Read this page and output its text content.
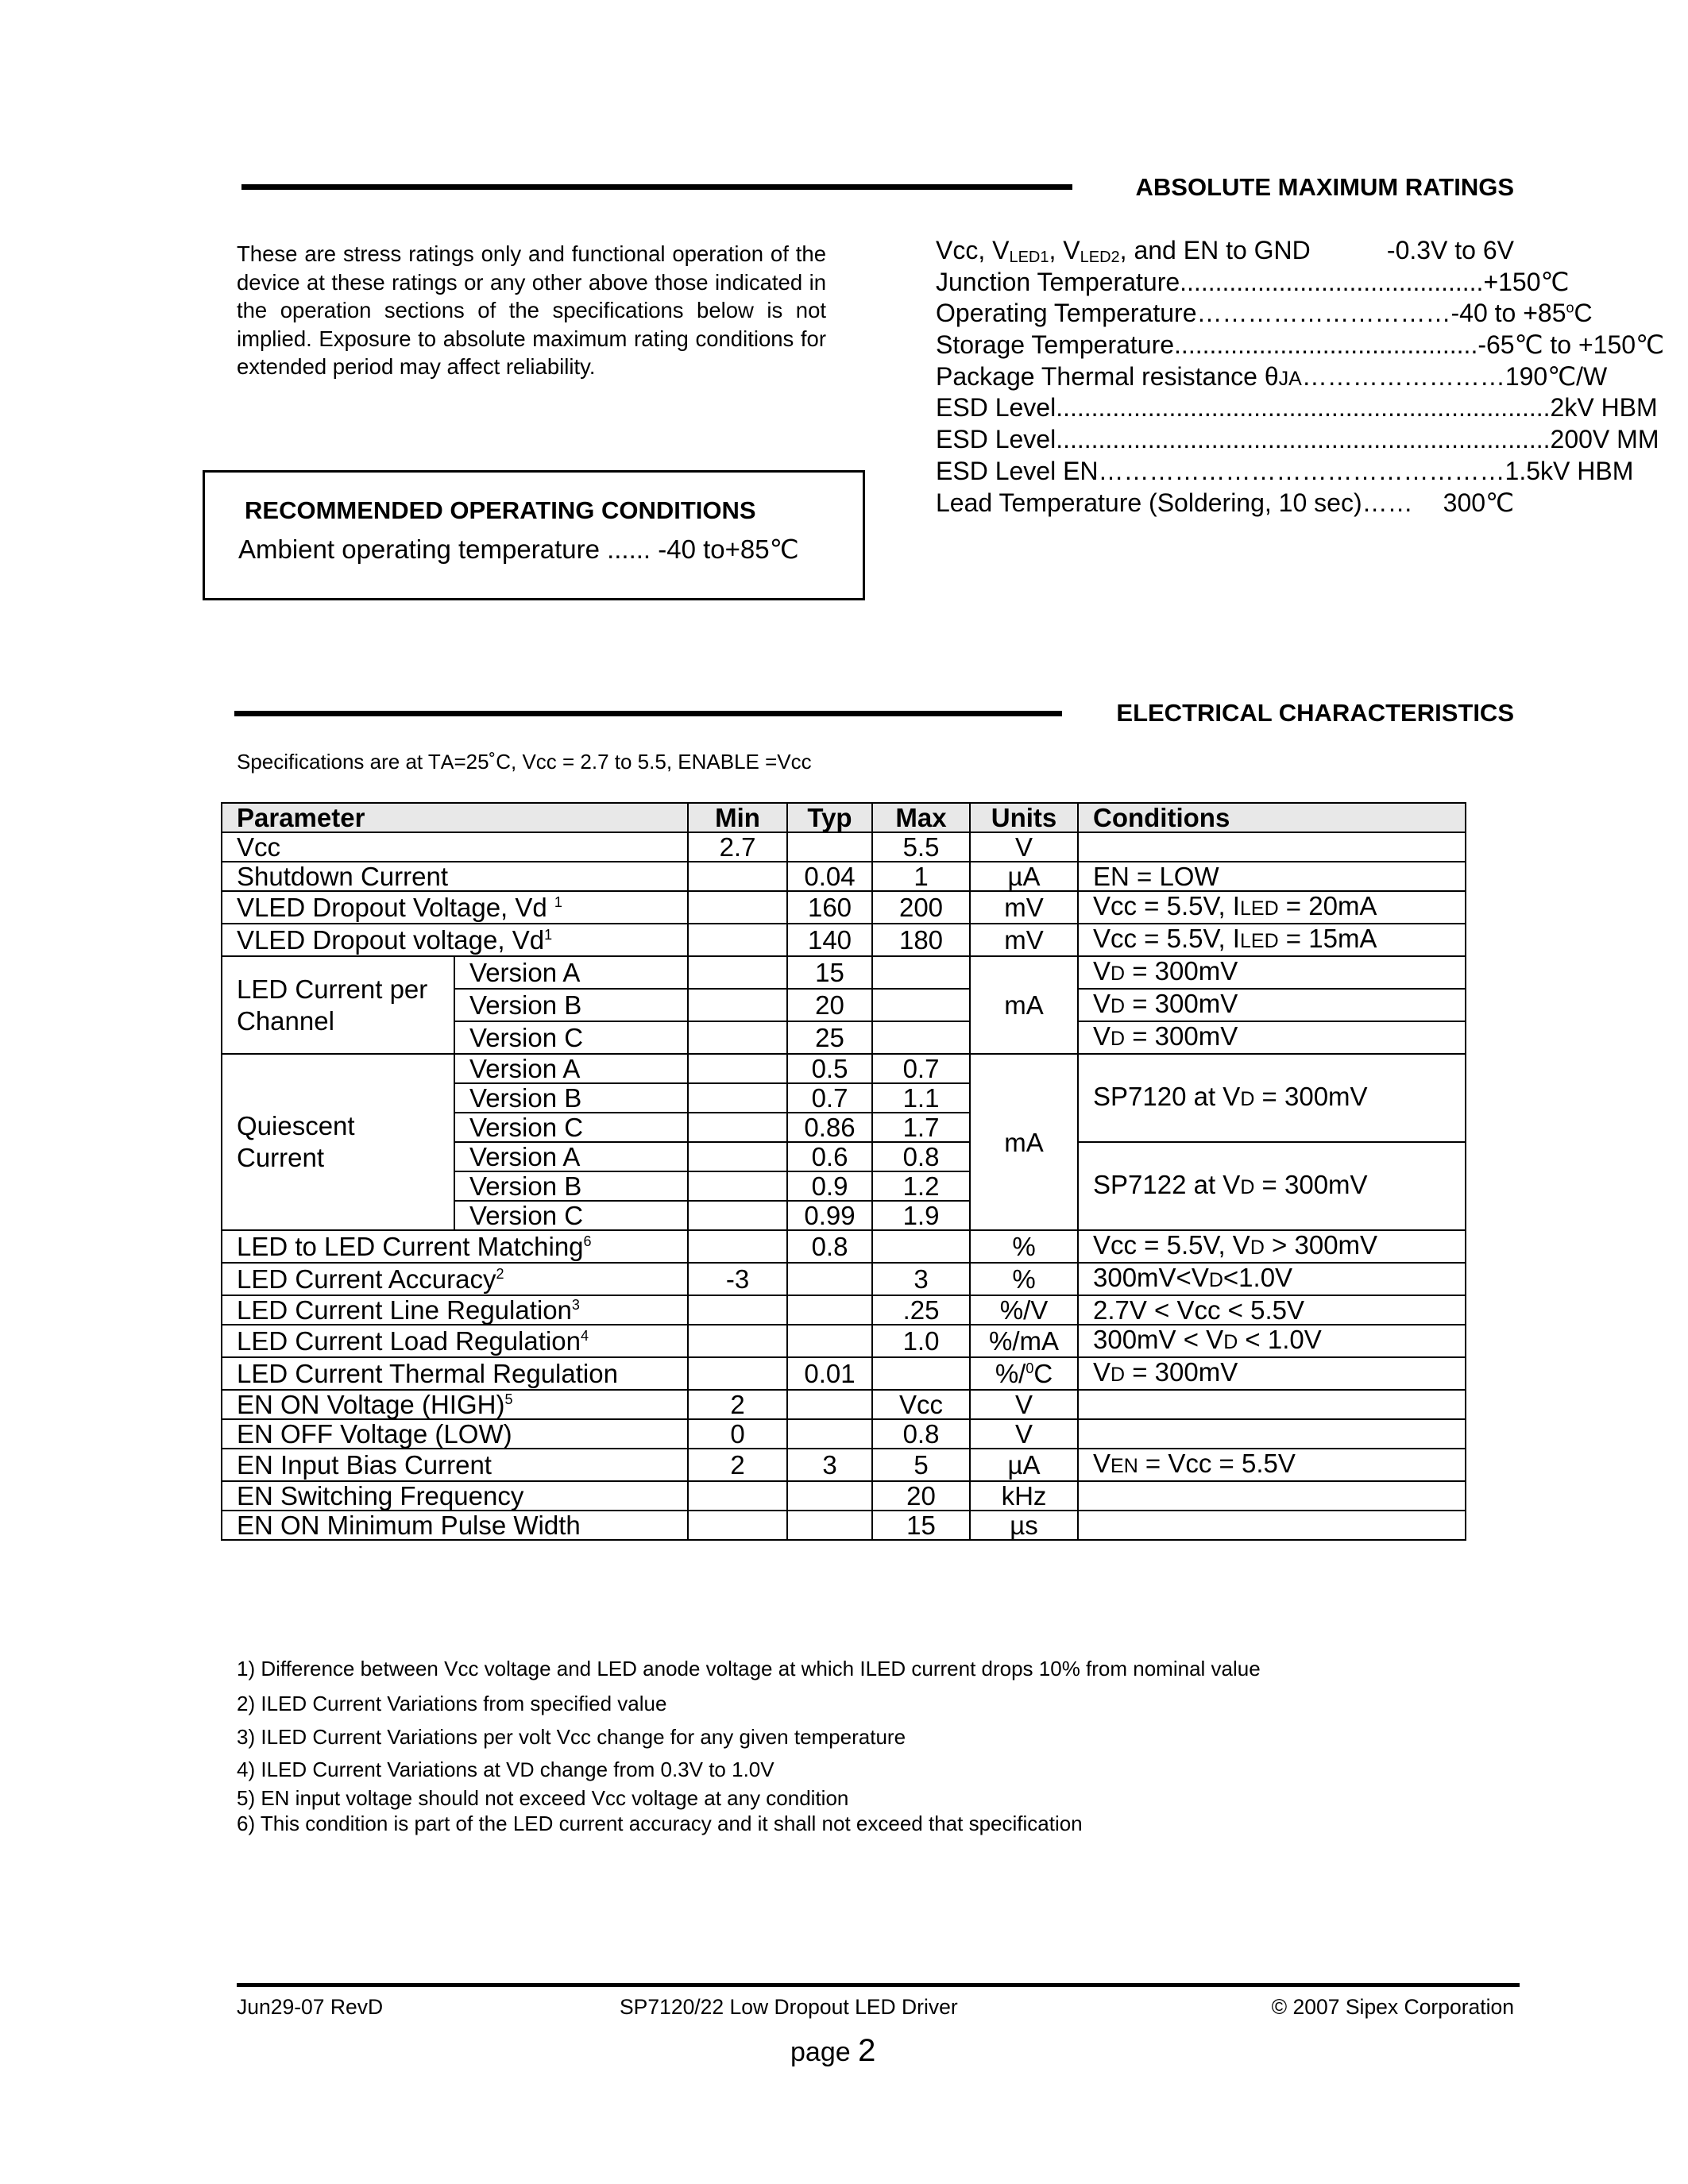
ABSOLUTE MAXIMUM RATINGS
These are stress ratings only and functional operation of the device at these ratings or any other above those indicated in the operation sections of the specifications below is not implied. Exposure to absolute maximum rating conditions for extended period may affect reliability.
RECOMMENDED OPERATING CONDITIONS
Ambient operating temperature ...... -40 to+85℃
Vcc, $V_{LED1}$, $V_{LED2}$, and EN to GND	-0.3V to 6V
Junction Temperature ........................................... +150℃
Operating Temperature ………………………… -40 to $+85^oC$
Storage Temperature ........................................... -65℃ to +150℃
Package Thermal resistance θJA …………………… 190℃/W
ESD Level ...................................................................... 2kV HBM
ESD Level ...................................................................... 200V MM
ESD Level EN ………………………………………… 1.5kV HBM
Lead Temperature (Soldering, 10 sec) ……	300℃
ELECTRICAL CHARACTERISTICS
Specifications are at TA=25˚C, Vcc = 2.7 to 5.5, ENABLE =Vcc
Parameter		Min	Typ	Max	Units	Conditions
Vcc		2.7		5.5	V	
Shutdown Current			0.04	1	µA	EN = LOW
VLED Dropout Voltage, Vd $^1$			160	200	mV	Vcc = 5.5V, ILED = 20mA
VLED Dropout voltage, Vd$^1$			140	180	mV	Vcc = 5.5V, ILED = 15mA
LED Current per Channel	Version A		15		mA	VD = 300mV
	Version B		20			VD = 300mV
	Version C		25			VD = 300mV
Quiescent Current	Version A		0.5	0.7	mA	SP7120 at VD = 300mV
	Version B		0.7	1.1		
	Version C		0.86	1.7		
	Version A		0.6	0.8		SP7122 at VD = 300mV
	Version B		0.9	1.2		
	Version C		0.99	1.9		
LED to LED Current Matching$^6$			0.8		%	Vcc = 5.5V, VD > 300mV
LED Current Accuracy$^2$		-3		3	%	300mV<VD<1.0V
LED Current Line Regulation$^3$				.25	%/V	2.7V < Vcc < 5.5V
LED Current Load Regulation$^4$				1.0	%/mA	300mV < VD < 1.0V
LED Current Thermal Regulation			0.01		%/$^0$C	VD = 300mV
EN ON Voltage (HIGH)$^5$		2		Vcc	V	
EN OFF Voltage (LOW)		0		0.8	V	
EN Input Bias Current		2	3	5	µA	VEN = Vcc = 5.5V
EN Switching Frequency				20	kHz	
EN ON Minimum Pulse Width				15	µs	
1) Difference between Vcc voltage and LED anode voltage at which ILED current drops 10% from nominal value
2) ILED Current Variations from specified value
3) ILED Current Variations per volt Vcc change for any given temperature
4) ILED Current Variations at VD change from 0.3V to 1.0V
5) EN input voltage should not exceed Vcc voltage at any condition
6) This condition is part of the LED current accuracy and it shall not exceed that specification
Jun29-07 RevD	SP7120/22 Low Dropout LED Driver	© 2007 Sipex Corporation
page 2
